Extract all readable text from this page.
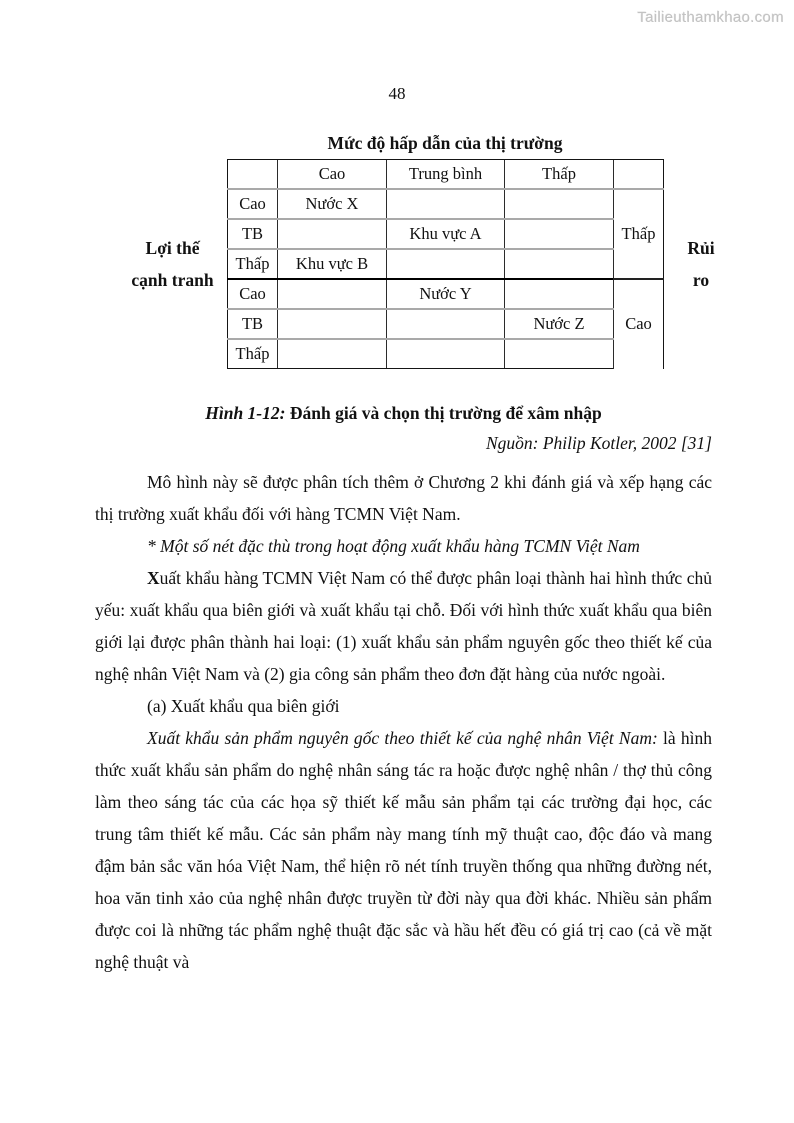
Tailieuthamkhao.com
48
Mức độ hấp dẫn của thị trường
Lợi thế
cạnh tranh
	Cao	Trung bình	Thấp	
Cao	Nước X			Thấp
TB		Khu vực A		
Thấp	Khu vực B			
Cao		Nước Y		Cao
TB			Nước Z	
Thấp				
Rủi
ro
Hình 1-12: Đánh giá và chọn thị trường để xâm nhập
Nguồn: Philip Kotler, 2002 [31]

Mô hình này sẽ được phân tích thêm ở Chương 2 khi đánh giá và xếp hạng các thị trường xuất khẩu đối với hàng TCMN Việt Nam.

* Một số nét đặc thù trong hoạt động xuất khẩu hàng TCMN Việt Nam

Xuất khẩu hàng TCMN Việt Nam có thể được phân loại thành hai hình thức chủ yếu: xuất khẩu qua biên giới và xuất khẩu tại chỗ. Đối với hình thức xuất khẩu qua biên giới lại được phân thành hai loại: (1) xuất khẩu sản phẩm nguyên gốc theo thiết kế của nghệ nhân Việt Nam và (2) gia công sản phẩm theo đơn đặt hàng của nước ngoài.

(a) Xuất khẩu qua biên giới

Xuất khẩu sản phẩm nguyên gốc theo thiết kế của nghệ nhân Việt Nam: là hình thức xuất khẩu sản phẩm do nghệ nhân sáng tác ra hoặc được nghệ nhân / thợ thủ công làm theo sáng tác của các họa sỹ thiết kế mẫu sản phẩm tại các trường đại học, các trung tâm thiết kế mẫu. Các sản phẩm này mang tính mỹ thuật cao, độc đáo và mang đậm bản sắc văn hóa Việt Nam, thể hiện rõ nét tính truyền thống qua những đường nét, hoa văn tinh xảo của nghệ nhân được truyền từ đời này qua đời khác. Nhiều sản phẩm được coi là những tác phẩm nghệ thuật đặc sắc và hầu hết đều có giá trị cao (cả về mặt nghệ thuật và
